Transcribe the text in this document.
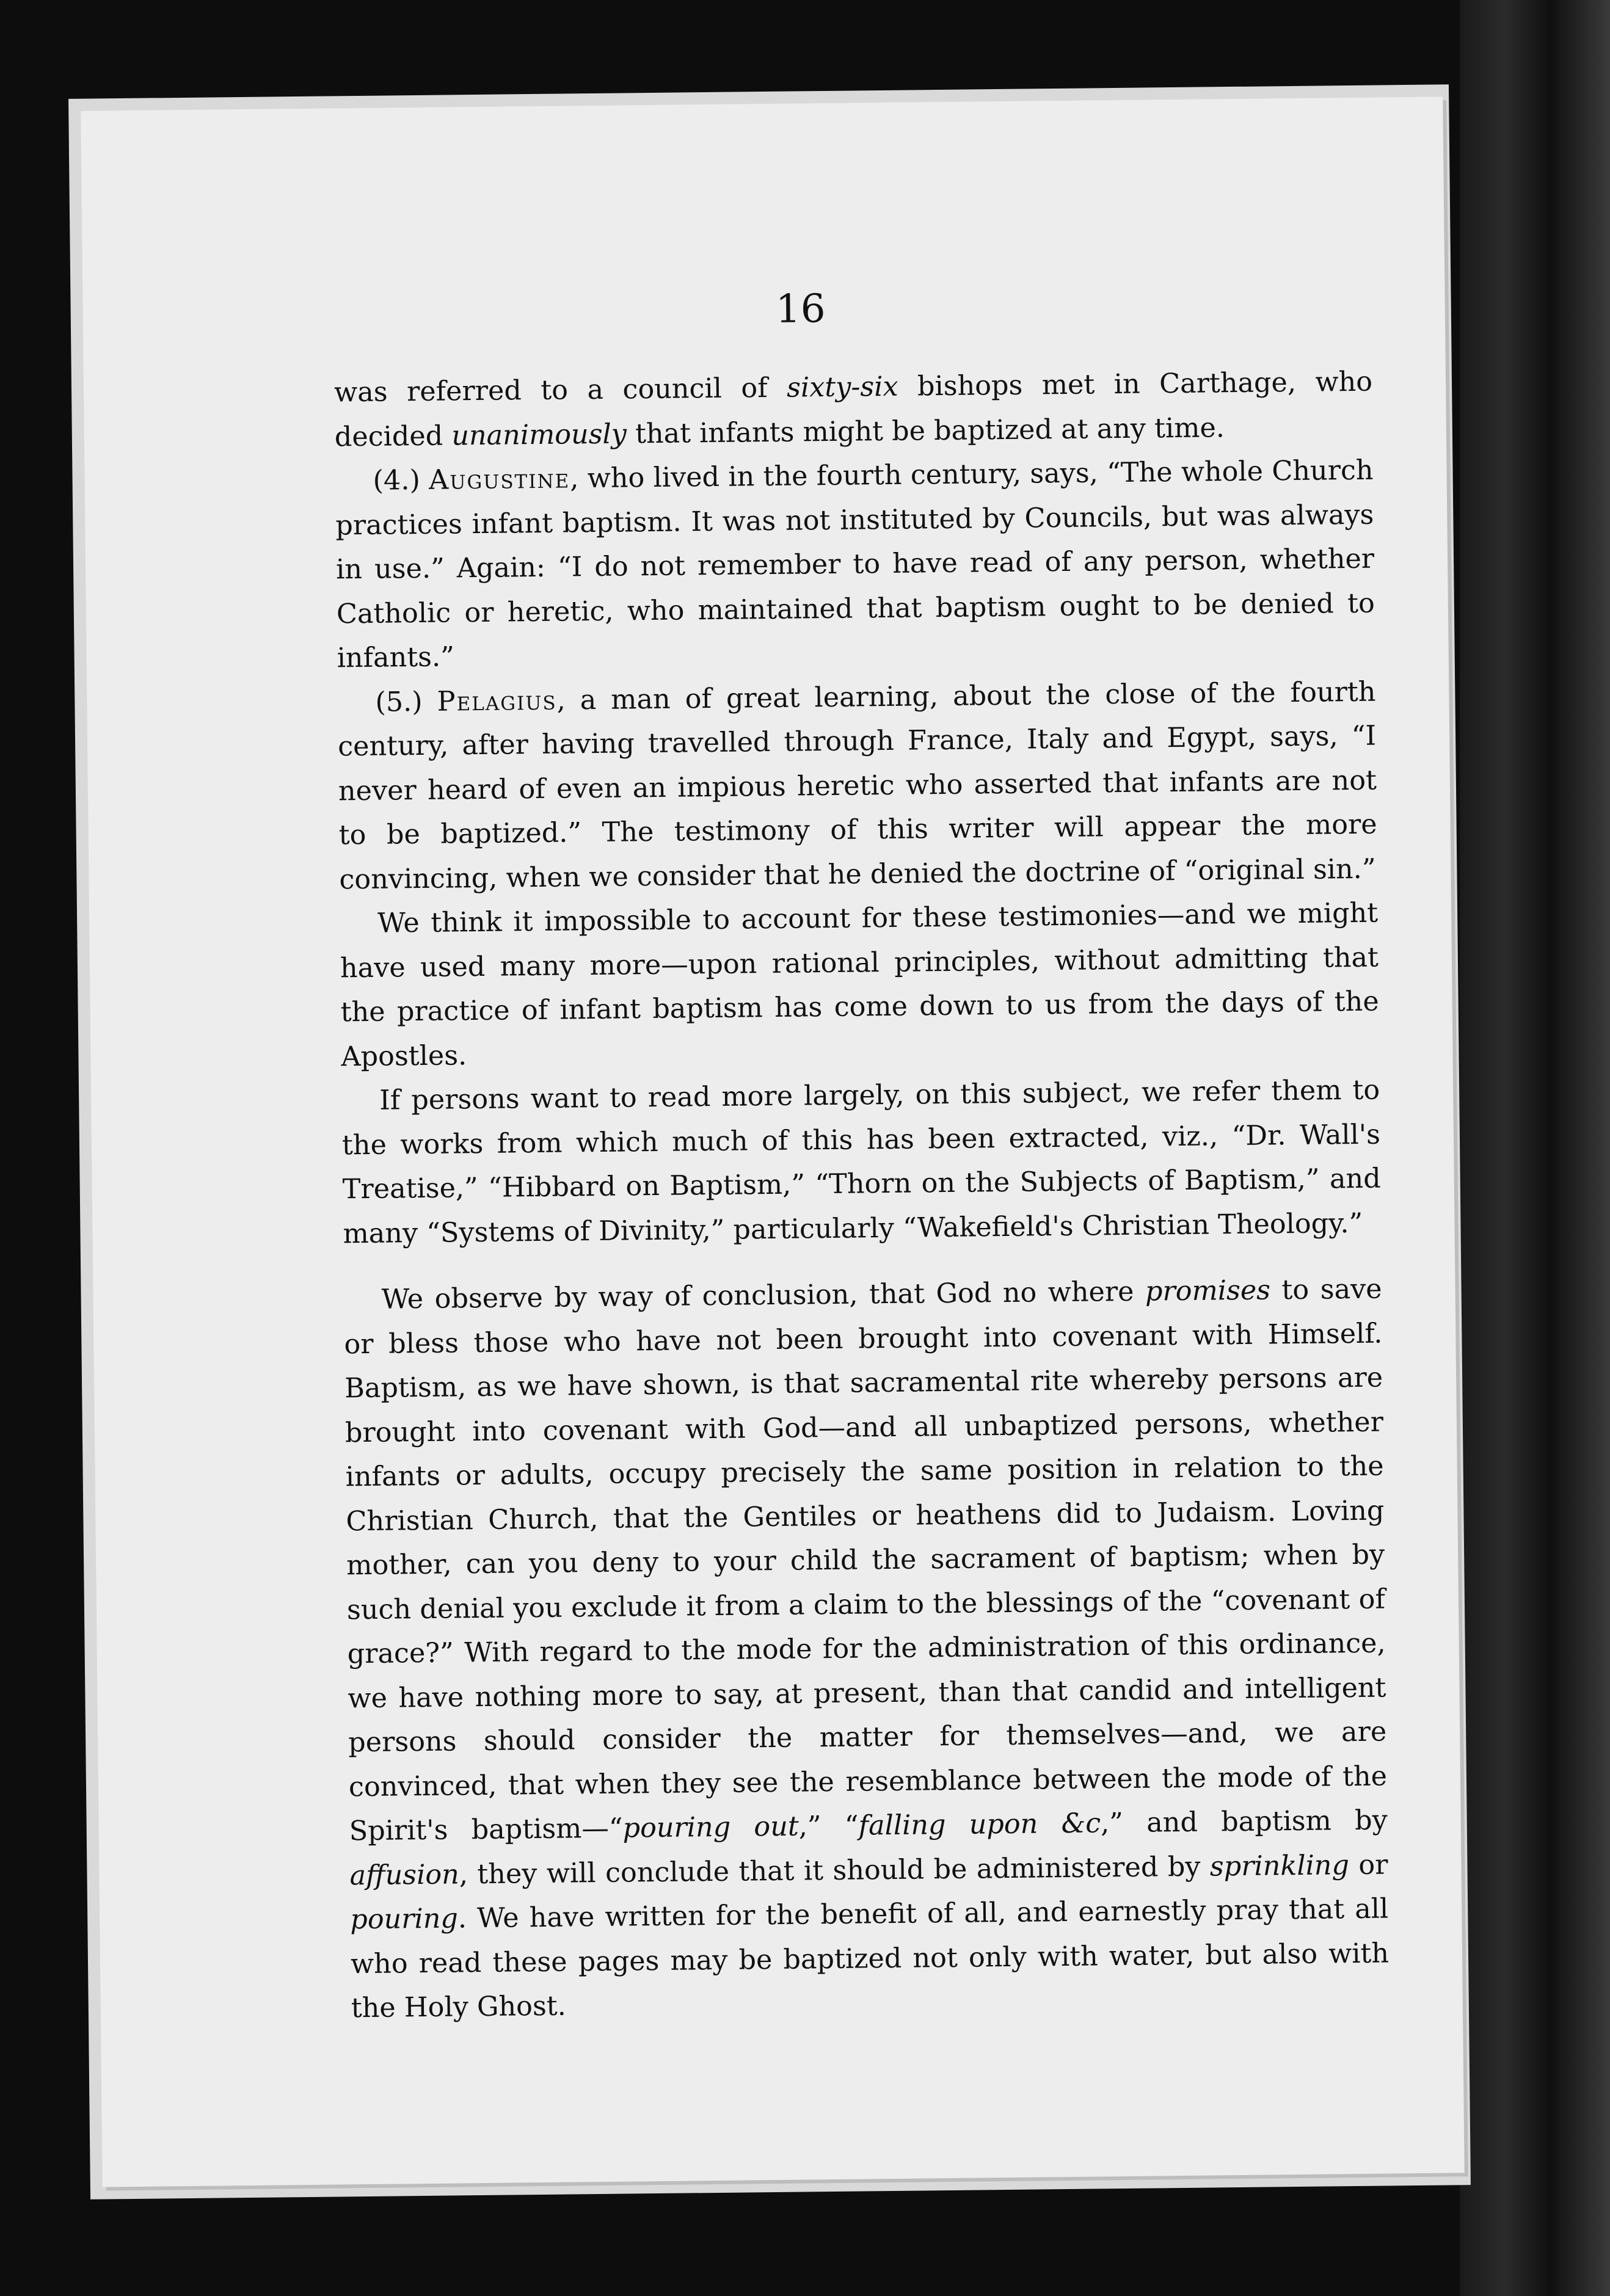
16

was referred to a council of sixty-six bishops met in Carthage, who decided unanimously that infants might be baptized at any time.

(4.) Augustine, who lived in the fourth century, says, “The whole Church practices infant baptism. It was not instituted by Councils, but was always in use.” Again: “I do not remember to have read of any person, whether Catholic or heretic, who maintained that baptism ought to be denied to infants.”

(5.) Pelagius, a man of great learning, about the close of the fourth century, after having travelled through France, Italy and Egypt, says, “I never heard of even an impious heretic who asserted that infants are not to be baptized.” The testimony of this writer will appear the more convincing, when we consider that he denied the doctrine of “original sin.”

We think it impossible to account for these testimonies—and we might have used many more—upon rational principles, without admitting that the practice of infant baptism has come down to us from the days of the Apostles.

If persons want to read more largely, on this subject, we refer them to the works from which much of this has been extracted, viz., “Dr. Wall's Treatise,” “Hibbard on Baptism,” “Thorn on the Subjects of Baptism,” and many “Systems of Divinity,” particularly “Wakefield's Christian Theology.”

We observe by way of conclusion, that God no where promises to save or bless those who have not been brought into covenant with Himself. Baptism, as we have shown, is that sacramental rite whereby persons are brought into covenant with God—and all unbaptized persons, whether infants or adults, occupy precisely the same position in relation to the Christian Church, that the Gentiles or heathens did to Judaism. Loving mother, can you deny to your child the sacrament of baptism; when by such denial you exclude it from a claim to the blessings of the “covenant of grace?” With regard to the mode for the administration of this ordinance, we have nothing more to say, at present, than that candid and intelligent persons should consider the matter for themselves—and, we are convinced, that when they see the resemblance between the mode of the Spirit's baptism—“pouring out,” “falling upon &c,” and baptism by affusion, they will conclude that it should be administered by sprinkling or pouring. We have written for the benefit of all, and earnestly pray that all who read these pages may be baptized not only with water, but also with the Holy Ghost.
